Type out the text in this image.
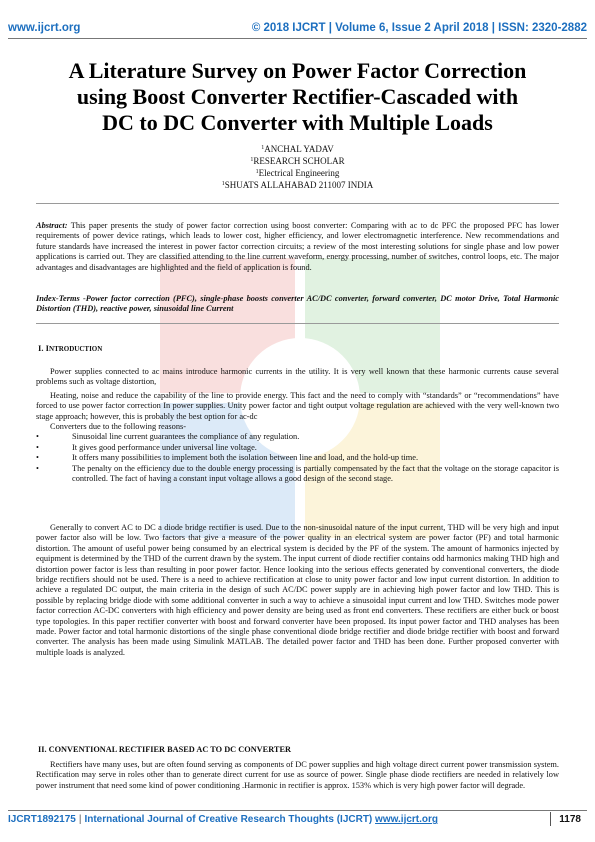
www.ijcrt.org	© 2018 IJCRT | Volume 6, Issue 2 April 2018 | ISSN: 2320-2882
A Literature Survey on Power Factor Correction
using Boost Converter Rectifier-Cascaded with
DC to DC Converter with Multiple Loads
$^1$ANCHAL YADAV
$^1$RESEARCH SCHOLAR
$^1$Electrical Engineering
$^1$SHUATS ALLAHABAD 211007 INDIA
Abstract: This paper presents the study of power factor correction using boost converter: Comparing with ac to dc PFC the proposed PFC has lower requirements of power device ratings, which leads to lower cost, higher efficiency, and lower electromagnetic interference. New recommendations and future standards have increased the interest in power factor correction circuits; a review of the most interesting solutions for single phase and low power applications is carried out. They are classified attending to the line current waveform, energy processing, number of switches, control loops, etc. The major advantages and disadvantages are highlighted and the field of application is found.
Index-Terms -Power factor correction (PFC), single-phase boosts converter AC/DC converter, forward converter, DC motor Drive, Total Harmonic Distortion (THD), reactive power, sinusoidal line Current
I. INTRODUCTION
Power supplies connected to ac mains introduce harmonic currents in the utility. It is very well known that these harmonic currents cause several problems such as voltage distortion,
Heating, noise and reduce the capability of the line to provide energy. This fact and the need to comply with “standards” or “recommendations” have forced to use power factor correction In power supplies. Unity power factor and tight output voltage regulation are achieved with the very well-known two stage approach; however, this is probably the best option for ac-dc
Converters due to the following reasons-
•	Sinusoidal line current guarantees the compliance of any regulation.
•	It gives good performance under universal line voltage.
•	It offers many possibilities to implement both the isolation between line and load, and the hold-up time.
•	The penalty on the efficiency due to the double energy processing is partially compensated by the fact that the voltage on the storage capacitor is controlled. The fact of having a constant input voltage allows a good design of the second stage.
Generally to convert AC to DC a diode bridge rectifier is used. Due to the non-sinusoidal nature of the input current, THD will be very high and input power factor also will be low. Two factors that give a measure of the power quality in an electrical system are power factor (PF) and total harmonic distortion. The amount of useful power being consumed by an electrical system is decided by the PF of the system. The amount of harmonics injected by equipment is determined by the THD of the current drawn by the system. The input current of diode rectifier contains odd harmonics making THD high and distortion power factor is less than resulting in poor power factor. Hence looking into the serious effects generated by conventional converters, the diode bridge rectifiers should not be used. There is a need to achieve rectification at close to unity power factor and low input current distortion. In addition to achieve a regulated DC output, the main criteria in the design of such AC/DC power supply are in achieving high power factor and low THD. This is possible by replacing bridge diode with some additional converter in such a way to achieve a sinusoidal input current and low THD. Switches mode power factor correction AC-DC converters with high efficiency and power density are being used as front end converters. These rectifiers are either buck or boost type topologies. In this paper rectifier converter with boost and forward converter have been proposed. Its input power factor and THD analyses has been made. Power factor and total harmonic distortions of the single phase conventional diode bridge rectifier and diode bridge rectifier with boost and forward converter. The analysis has been made using Simulink MATLAB. The detailed power factor and THD has been done. Further proposed converter with multiple loads is analyzed.
II. CONVENTIONAL RECTIFIER BASED AC TO DC CONVERTER
Rectifiers have many uses, but are often found serving as components of DC power supplies and high voltage direct current power transmission system. Rectification may serve in roles other than to generate direct current for use as source of power. Single phase diode rectifiers are needed in relatively low power instrument that need some kind of power conditioning .Harmonic in rectifier is approx. 153% which is very high power factor will degrade.
IJCRT1892175 | International Journal of Creative Research Thoughts (IJCRT) www.ijcrt.org	1178
